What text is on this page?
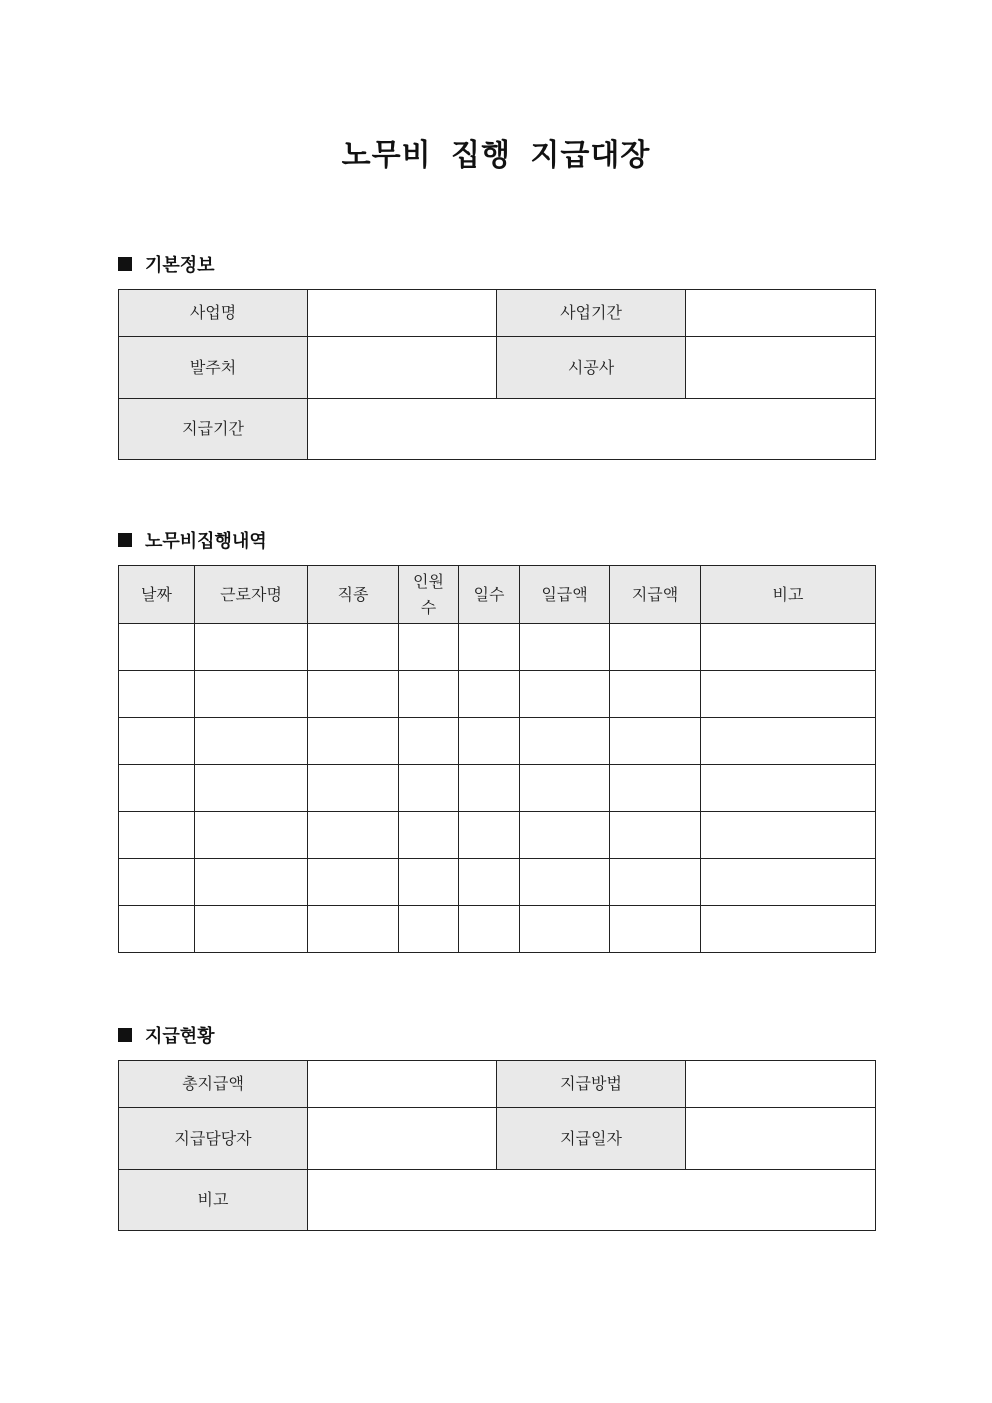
노무비 집행 지급대장
기본정보
사업명		사업기간	
발주처		시공사	
지급기간			
노무비집행내역
날짜	근로자명	직종	인원수	일수	일급액	지급액	비고

지급현황
총지급액		지급방법	
지급담당자		지급일자	
비고			
